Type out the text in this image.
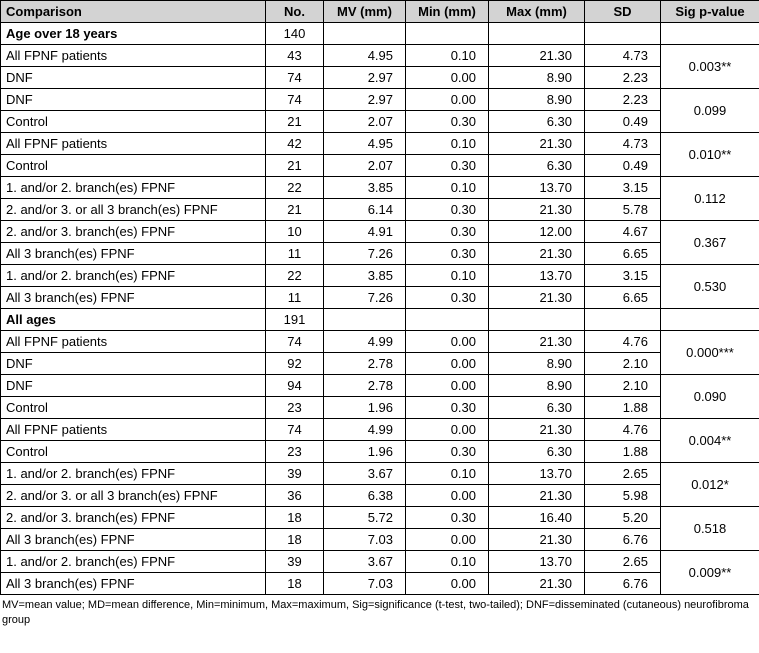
Comparison	No.	MV (mm)	Min (mm)	Max (mm)	SD	Sig p-value
Age over 18 years	140					
All FPNF patients	43	4.95	0.10	21.30	4.73	0.003**
DNF	74	2.97	0.00	8.90	2.23	
DNF	74	2.97	0.00	8.90	2.23	0.099
Control	21	2.07	0.30	6.30	0.49	
All FPNF patients	42	4.95	0.10	21.30	4.73	0.010**
Control	21	2.07	0.30	6.30	0.49	
1. and/or 2. branch(es) FPNF	22	3.85	0.10	13.70	3.15	0.112
2. and/or 3. or all 3 branch(es) FPNF	21	6.14	0.30	21.30	5.78	
2. and/or 3. branch(es) FPNF	10	4.91	0.30	12.00	4.67	0.367
All 3 branch(es) FPNF	11	7.26	0.30	21.30	6.65	
1. and/or 2. branch(es) FPNF	22	3.85	0.10	13.70	3.15	0.530
All 3 branch(es) FPNF	11	7.26	0.30	21.30	6.65	
All ages	191					
All FPNF patients	74	4.99	0.00	21.30	4.76	0.000***
DNF	92	2.78	0.00	8.90	2.10	
DNF	94	2.78	0.00	8.90	2.10	0.090
Control	23	1.96	0.30	6.30	1.88	
All FPNF patients	74	4.99	0.00	21.30	4.76	0.004**
Control	23	1.96	0.30	6.30	1.88	
1. and/or 2. branch(es) FPNF	39	3.67	0.10	13.70	2.65	0.012*
2. and/or 3. or all 3 branch(es) FPNF	36	6.38	0.00	21.30	5.98	
2. and/or 3. branch(es) FPNF	18	5.72	0.30	16.40	5.20	0.518
All 3 branch(es) FPNF	18	7.03	0.00	21.30	6.76	
1. and/or 2. branch(es) FPNF	39	3.67	0.10	13.70	2.65	0.009**
All 3 branch(es) FPNF	18	7.03	0.00	21.30	6.76	
MV=mean value; MD=mean difference, Min=minimum, Max=maximum, Sig=significance (t-test, two-tailed); DNF=disseminated (cutaneous) neurofibroma group
